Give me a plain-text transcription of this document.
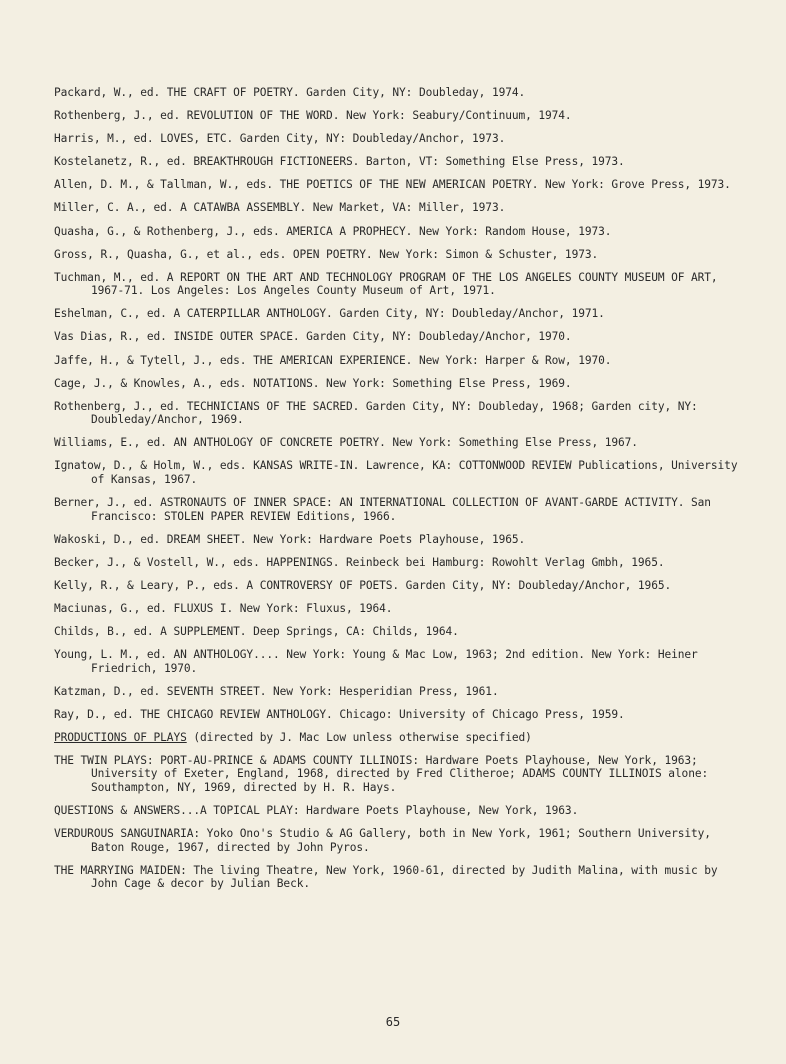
Packard, W., ed. THE CRAFT OF POETRY. Garden City, NY: Doubleday, 1974.

Rothenberg, J., ed. REVOLUTION OF THE WORD. New York: Seabury/Continuum, 1974.

Harris, M., ed. LOVES, ETC. Garden City, NY: Doubleday/Anchor, 1973.

Kostelanetz, R., ed. BREAKTHROUGH FICTIONEERS. Barton, VT: Something Else Press, 1973.

Allen, D. M., & Tallman, W., eds. THE POETICS OF THE NEW AMERICAN POETRY. New York: Grove Press, 1973.

Miller, C. A., ed. A CATAWBA ASSEMBLY. New Market, VA: Miller, 1973.

Quasha, G., & Rothenberg, J., eds. AMERICA A PROPHECY. New York: Random House, 1973.

Gross, R., Quasha, G., et al., eds. OPEN POETRY. New York: Simon & Schuster, 1973.

Tuchman, M., ed. A REPORT ON THE ART AND TECHNOLOGY PROGRAM OF THE LOS ANGELES COUNTY MUSEUM OF ART, 1967-71. Los Angeles: Los Angeles County Museum of Art, 1971.

Eshelman, C., ed. A CATERPILLAR ANTHOLOGY. Garden City, NY: Doubleday/Anchor, 1971.

Vas Dias, R., ed. INSIDE OUTER SPACE. Garden City, NY: Doubleday/Anchor, 1970.

Jaffe, H., & Tytell, J., eds. THE AMERICAN EXPERIENCE. New York: Harper & Row, 1970.

Cage, J., & Knowles, A., eds. NOTATIONS. New York: Something Else Press, 1969.

Rothenberg, J., ed. TECHNICIANS OF THE SACRED. Garden City, NY: Doubleday, 1968; Garden city, NY: Doubleday/Anchor, 1969.

Williams, E., ed. AN ANTHOLOGY OF CONCRETE POETRY. New York: Something Else Press, 1967.

Ignatow, D., & Holm, W., eds. KANSAS WRITE-IN. Lawrence, KA: COTTONWOOD REVIEW Publications, University of Kansas, 1967.

Berner, J., ed. ASTRONAUTS OF INNER SPACE: AN INTERNATIONAL COLLECTION OF AVANT-GARDE ACTIVITY. San Francisco: STOLEN PAPER REVIEW Editions, 1966.

Wakoski, D., ed. DREAM SHEET. New York: Hardware Poets Playhouse, 1965.

Becker, J., & Vostell, W., eds. HAPPENINGS. Reinbeck bei Hamburg: Rowohlt Verlag Gmbh, 1965.

Kelly, R., & Leary, P., eds. A CONTROVERSY OF POETS. Garden City, NY: Doubleday/Anchor, 1965.

Maciunas, G., ed. FLUXUS I. New York: Fluxus, 1964.

Childs, B., ed. A SUPPLEMENT. Deep Springs, CA: Childs, 1964.

Young, L. M., ed. AN ANTHOLOGY.... New York: Young & Mac Low, 1963; 2nd edition. New York: Heiner Friedrich, 1970.

Katzman, D., ed. SEVENTH STREET. New York: Hesperidian Press, 1961.

Ray, D., ed. THE CHICAGO REVIEW ANTHOLOGY. Chicago: University of Chicago Press, 1959.

PRODUCTIONS OF PLAYS (directed by J. Mac Low unless otherwise specified)

THE TWIN PLAYS: PORT-AU-PRINCE & ADAMS COUNTY ILLINOIS: Hardware Poets Playhouse, New York, 1963; University of Exeter, England, 1968, directed by Fred Clitheroe; ADAMS COUNTY ILLINOIS alone: Southampton, NY, 1969, directed by H. R. Hays.

QUESTIONS & ANSWERS...A TOPICAL PLAY: Hardware Poets Playhouse, New York, 1963.

VERDUROUS SANGUINARIA: Yoko Ono's Studio & AG Gallery, both in New York, 1961; Southern University, Baton Rouge, 1967, directed by John Pyros.

THE MARRYING MAIDEN: The living Theatre, New York, 1960-61, directed by Judith Malina, with music by John Cage & decor by Julian Beck.

65
